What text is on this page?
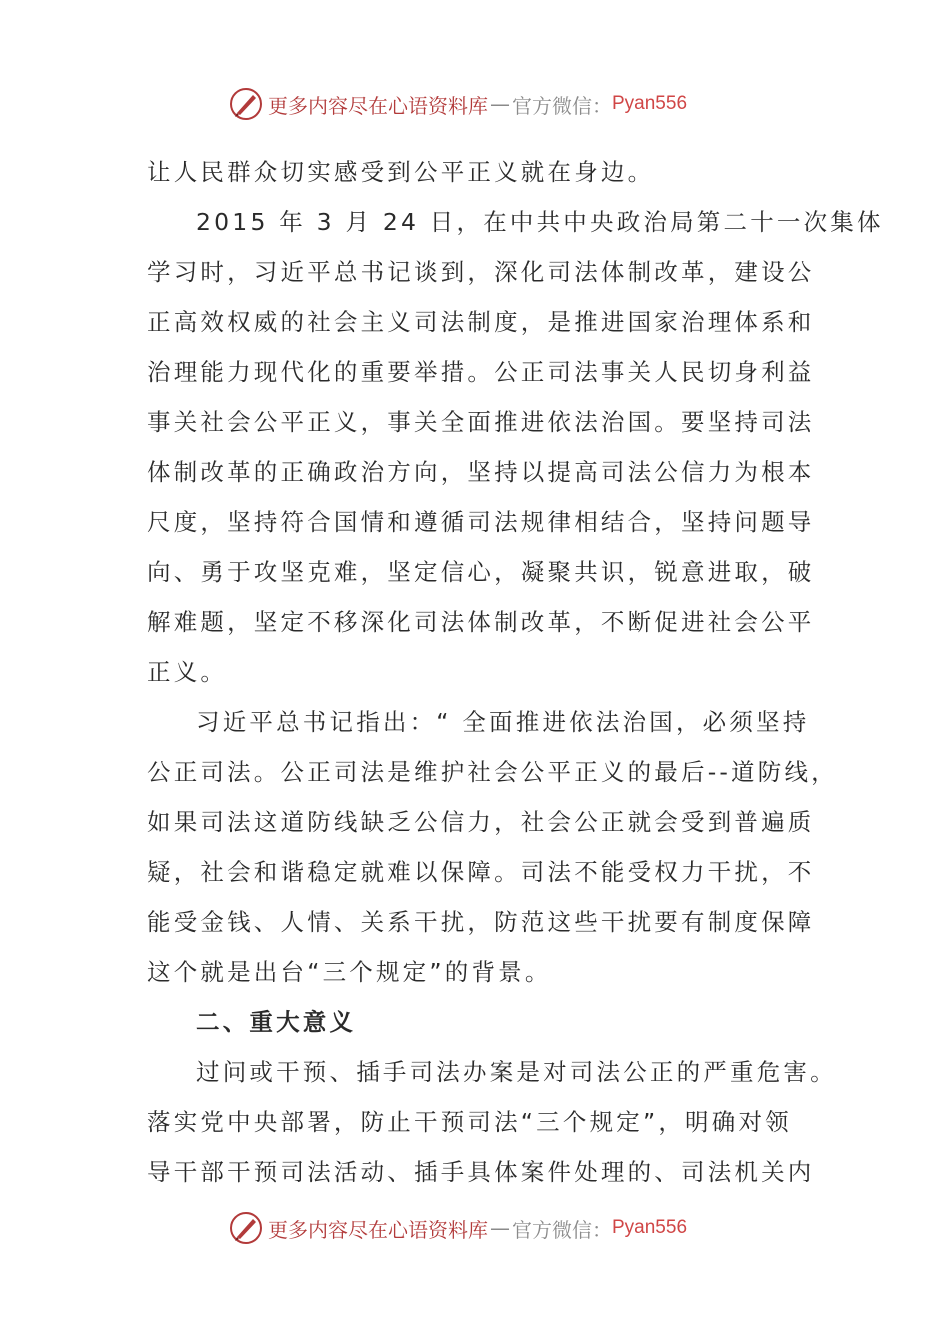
更多内容尽在心语资料库 — 官方微信： Pyan556
让人民群众切实感受到公平正义就在身边。
2015 年 3 月 24 日，在中共中央政治局第二十一次集体
学习时，习近平总书记谈到，深化司法体制改革，建设公
正高效权威的社会主义司法制度，是推进国家治理体系和
治理能力现代化的重要举措。公正司法事关人民切身利益
事关社会公平正义，事关全面推进依法治国。要坚持司法
体制改革的正确政治方向，坚持以提高司法公信力为根本
尺度，坚持符合国情和遵循司法规律相结合，坚持问题导
向、勇于攻坚克难，坚定信心，凝聚共识，锐意进取，破
解难题，坚定不移深化司法体制改革，不断促进社会公平
正义。
习近平总书记指出：“ 全面推进依法治国，必须坚持
公正司法。公正司法是维护社会公平正义的最后--道防线，
如果司法这道防线缺乏公信力，社会公正就会受到普遍质
疑，社会和谐稳定就难以保障。司法不能受权力干扰，不
能受金钱、人情、关系干扰，防范这些干扰要有制度保障
这个就是出台“三个规定”的背景。
二、重大意义
过问或干预、插手司法办案是对司法公正的严重危害。
落实党中央部署，防止干预司法“三个规定”，明确对领
导干部干预司法活动、插手具体案件处理的、司法机关内
更多内容尽在心语资料库 — 官方微信： Pyan556
